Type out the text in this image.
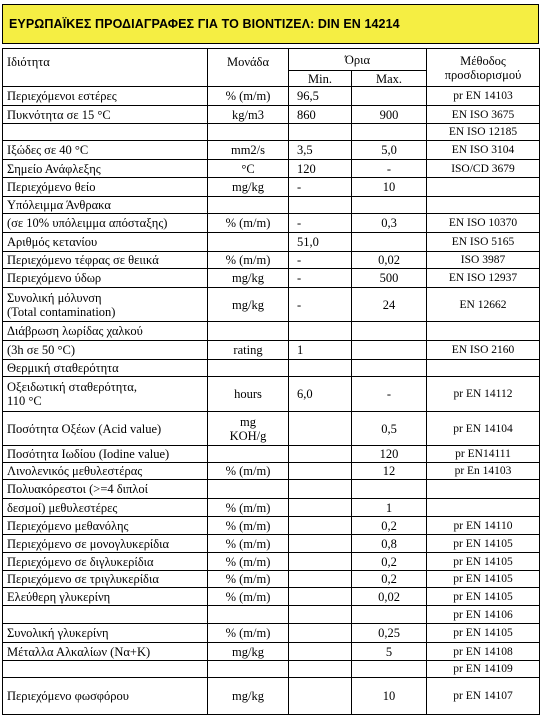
ΕΥΡΩΠΑΪΚΕΣ ΠΡΟΔΙΑΓΡΑΦΕΣ ΓΙΑ ΤΟ ΒΙΟΝΤΙΖΕΛ: DIN EN 14214
Ιδιότητα	Μονάδα	Όρια		Μέθοδος
προσδιορισμού

		Min.	Max.	

Περιεχόμενοι εστέρες	% (m/m)	96,5		pr EN 14103

Πυκνότητα σε 15 °C	kg/m3	860	900	EN ISO 3675

				EN ISO 12185

Ιξώδες σε 40 °C	mm2/s	3,5	5,0	EN ISO 3104

Σημείο Ανάφλεξης	°C	120	-	ISO/CD 3679

Περιεχόμενο θείο	mg/kg	-	10	

Υπόλειμμα Άνθρακα				

(σε 10% υπόλειμμα απόσταξης)	% (m/m)	-	0,3	EN ISO 10370

Αριθμός κετανίου		51,0		EN ISO 5165

Περιεχόμενο τέφρας σε θειικά	% (m/m)	-	0,02	ISO 3987

Περιεχόμενο ύδωρ	mg/kg	-	500	EN ISO 12937

Συνολική μόλυνση
(Total contamination)	mg/kg	-	24	EN 12662

Διάβρωση λωρίδας χαλκού				

(3h σε 50 °C)	rating	1		EN ISO 2160

Θερμική σταθερότητα				

Οξειδωτική σταθερότητα,
110 °C	hours	6,0	-	pr EN 14112

Ποσότητα Οξέων (Acid value)	mg
KOH/g		0,5	pr EN 14104

Ποσότητα Ιωδίου (Iodine value)			120	pr EN14111

Λινολενικός μεθυλεστέρας	% (m/m)		12	pr En 14103

Πολυακόρεστοι (>=4 διπλοί				

δεσμοί) μεθυλεστέρες	% (m/m)		1	

Περιεχόμενο μεθανόλης	% (m/m)		0,2	pr EN 14110

Περιεχόμενο σε μονογλυκερίδια	% (m/m)		0,8	pr EN 14105

Περιεχόμενο σε διγλυκερίδια	% (m/m)		0,2	pr EN 14105

Περιεχόμενο σε τριγλυκερίδια	% (m/m)		0,2	pr EN 14105

Ελεύθερη γλυκερίνη	% (m/m)		0,02	pr EN 14105

				pr EN 14106

Συνολική γλυκερίνη	% (m/m)		0,25	pr EN 14105

Μέταλλα Αλκαλίων (Να+Κ)	mg/kg		5	pr EN 14108

				pr EN 14109

Περιεχόμενο φωσφόρου	mg/kg		10	pr EN 14107
